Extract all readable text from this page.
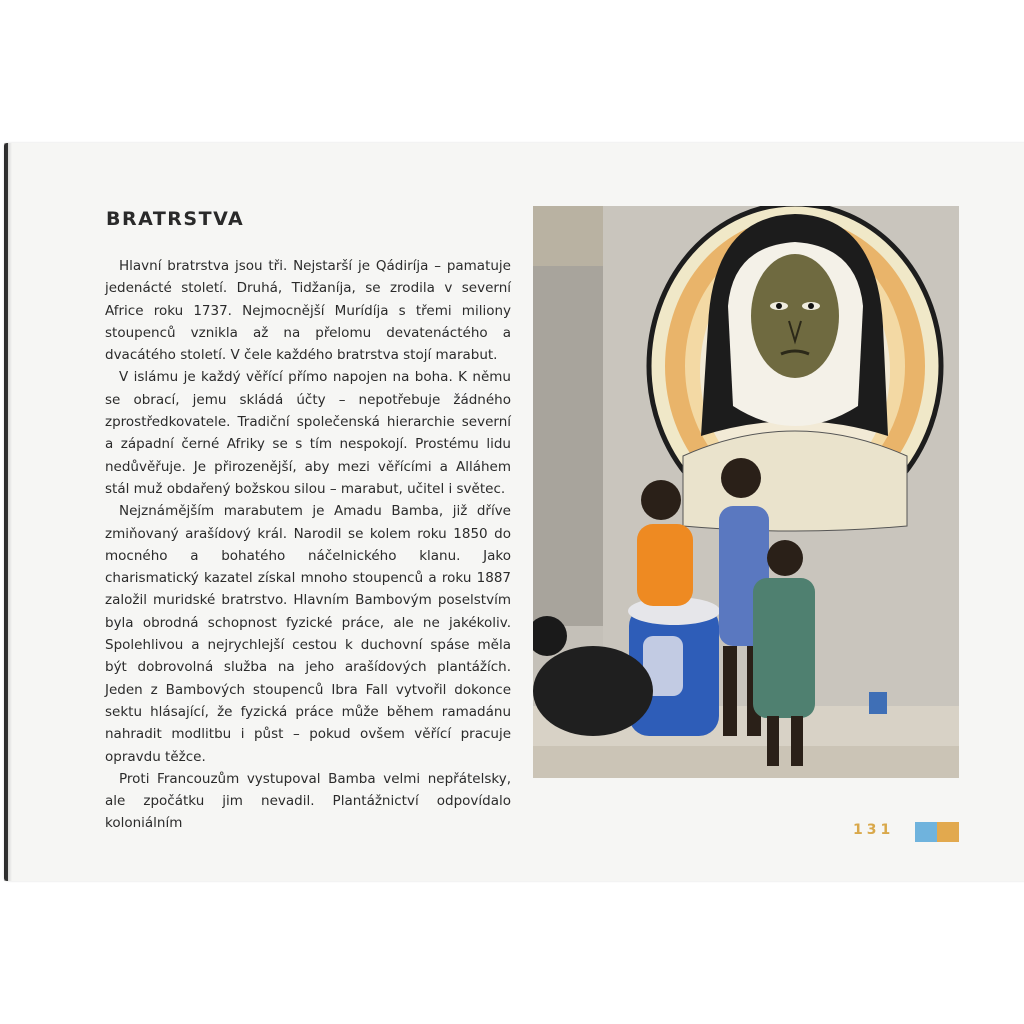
BRATRSTVA

Hlavní bratrstva jsou tři. Nejstarší je Qádiríja – pamatuje jedenácté století. Druhá, Tidžaníja, se zrodila v severní Africe roku 1737. Nejmocnější Murídíja s třemi miliony stoupenců vznikla až na přelomu devatenáctého a dvacátého století. V čele každého bratrstva stojí marabut.

V islámu je každý věřící přímo napojen na boha. K němu se obrací, jemu skládá účty – nepotřebuje žádného zprostředkovatele. Tradiční společenská hierarchie severní a západní černé Afriky se s tím nespokojí. Prostému lidu nedůvěřuje. Je přirozenější, aby mezi věřícími a Alláhem stál muž obdařený božskou silou – marabut, učitel i světec.

Nejznámějším marabutem je Amadu Bamba, již dříve zmiňovaný arašídový král. Narodil se kolem roku 1850 do mocného a bohatého náčelnického klanu. Jako charismatický kazatel získal mnoho stoupenců a roku 1887 založil muridské bratrstvo. Hlavním Bambovým poselstvím byla obrodná schopnost fyzické práce, ale ne jakékoliv. Spolehlivou a nejrychlejší cestou k duchovní spáse měla být dobrovolná služba na jeho arašídových plantážích. Jeden z Bambových stoupenců Ibra Fall vytvořil dokonce sektu hlásající, že fyzická práce může během ramadánu nahradit modlitbu i půst – pokud ovšem věřící pracuje opravdu těžce.

Proti Francouzům vystupoval Bamba velmi nepřátelsky, ale zpočátku jim nevadil. Plantážnictví odpovídalo koloniálním	131
